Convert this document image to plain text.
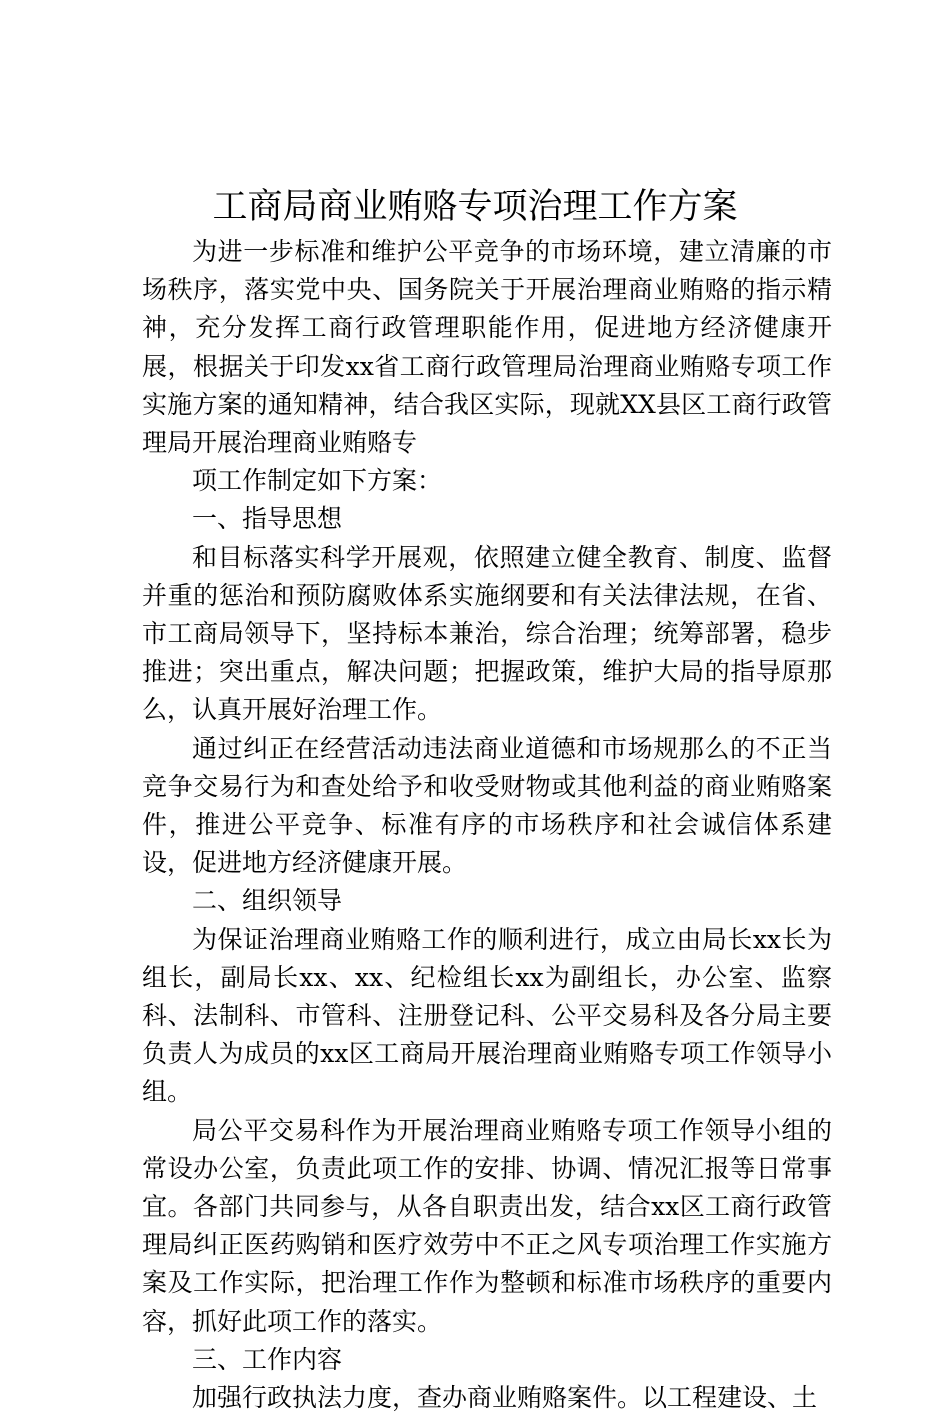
工商局商业贿赂专项治理工作方案

为进一步标准和维护公平竞争的市场环境，建立清廉的市场秩序，落实党中央、国务院关于开展治理商业贿赂的指示精神，充分发挥工商行政管理职能作用，促进地方经济健康开展，根据关于印发xx省工商行政管理局治理商业贿赂专项工作实施方案的通知精神，结合我区实际，现就XX县区工商行政管理局开展治理商业贿赂专

项工作制定如下方案：

一、指导思想

和目标落实科学开展观，依照建立健全教育、制度、监督并重的惩治和预防腐败体系实施纲要和有关法律法规，在省、市工商局领导下，坚持标本兼治，综合治理；统筹部署，稳步推进；突出重点，解决问题；把握政策，维护大局的指导原那么，认真开展好治理工作。

通过纠正在经营活动违法商业道德和市场规那么的不正当竞争交易行为和查处给予和收受财物或其他利益的商业贿赂案件，推进公平竞争、标准有序的市场秩序和社会诚信体系建设，促进地方经济健康开展。

二、组织领导

为保证治理商业贿赂工作的顺利进行，成立由局长xx长为组长，副局长xx、xx、纪检组长xx为副组长，办公室、监察科、法制科、市管科、注册登记科、公平交易科及各分局主要负责人为成员的xx区工商局开展治理商业贿赂专项工作领导小组。

局公平交易科作为开展治理商业贿赂专项工作领导小组的常设办公室，负责此项工作的安排、协调、情况汇报等日常事宜。各部门共同参与，从各自职责出发，结合xx区工商行政管理局纠正医药购销和医疗效劳中不正之风专项治理工作实施方案及工作实际，把治理工作作为整顿和标准市场秩序的重要内容，抓好此项工作的落实。

三、工作内容

加强行政执法力度，查办商业贿赂案件。以工程建设、土
